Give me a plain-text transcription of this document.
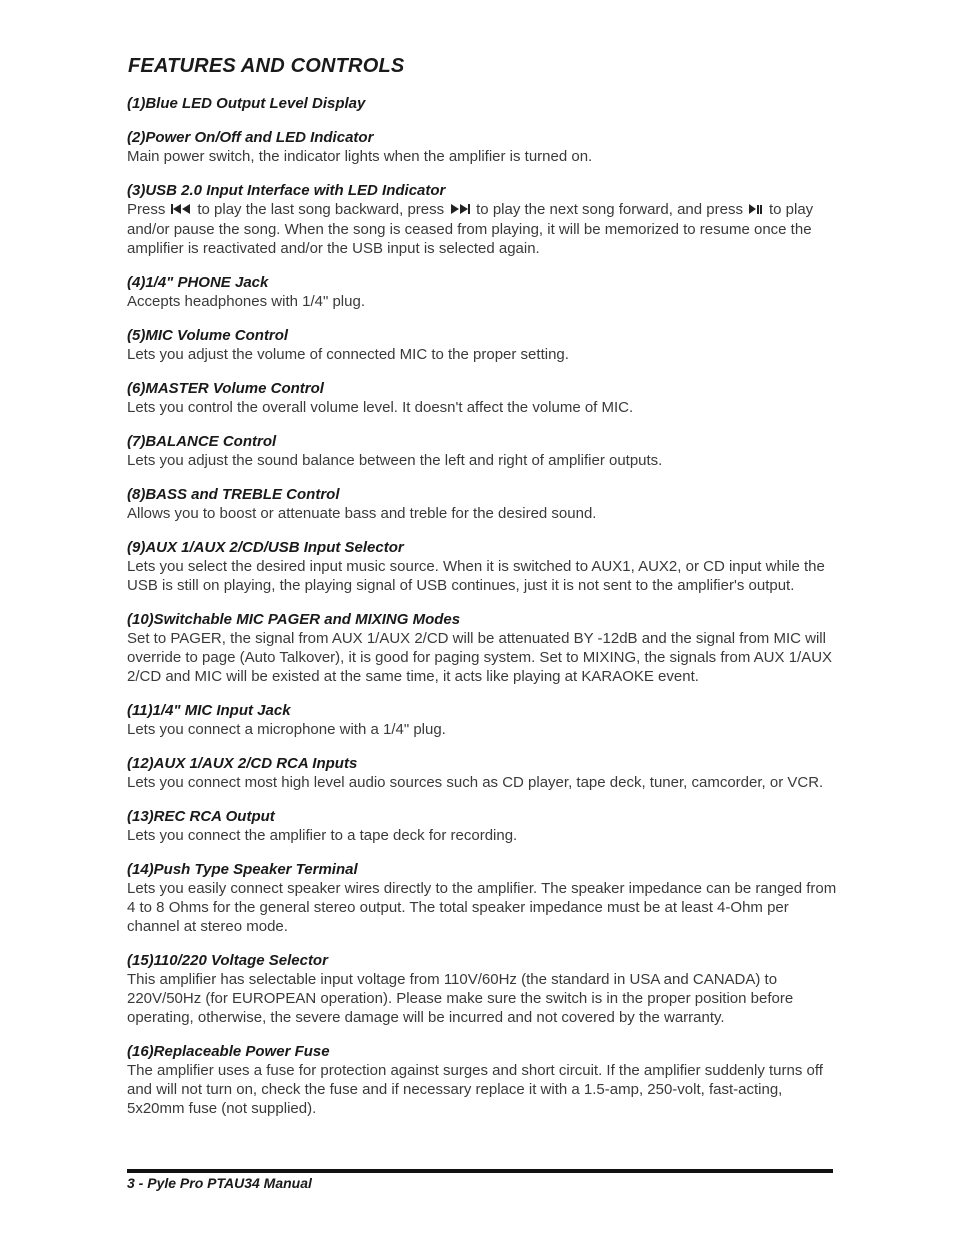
FEATURES AND CONTROLS

(1)Blue LED Output Level Display

(2)Power On/Off and LED Indicator

Main power switch, the indicator lights when the amplifier is turned on.

(3)USB 2.0 Input Interface with LED Indicator

Press to play the last song backward, press to play the next song forward, and press to play and/or pause the song. When the song is ceased from playing, it will be memorized to resume once the amplifier is reactivated and/or the USB input is selected again.

(4)1/4" PHONE Jack

Accepts headphones with 1/4" plug.

(5)MIC Volume Control

Lets you adjust the volume of connected MIC to the proper setting.

(6)MASTER Volume Control

Lets you control the overall volume level. It doesn't affect the volume of MIC.

(7)BALANCE Control

Lets you adjust the sound balance between the left and right of amplifier outputs.

(8)BASS and TREBLE Control

Allows you to boost or attenuate bass and treble for the desired sound.

(9)AUX 1/AUX 2/CD/USB Input Selector

Lets you select the desired input music source. When it is switched to AUX1, AUX2, or CD input while the USB is still on playing, the playing signal of USB continues, just it is not sent to the amplifier's output.

(10)Switchable MIC PAGER and MIXING Modes

Set to PAGER, the signal from AUX 1/AUX 2/CD will be attenuated BY -12dB and the signal from MIC will override to page (Auto Talkover), it is good for paging system. Set to MIXING, the signals from AUX 1/AUX 2/CD and MIC will be existed at the same time, it acts like playing at KARAOKE event.

(11)1/4" MIC Input Jack

Lets you connect a microphone with a 1/4" plug.

(12)AUX 1/AUX 2/CD RCA Inputs

Lets you connect most high level audio sources such as CD player, tape deck, tuner, camcorder, or VCR.

(13)REC RCA Output

Lets you connect the amplifier to a tape deck for recording.

(14)Push Type Speaker Terminal

Lets you easily connect speaker wires directly to the amplifier. The speaker impedance can be ranged from 4 to 8 Ohms for the general stereo output. The total speaker impedance must be at least 4-Ohm per channel at stereo mode.

(15)110/220 Voltage Selector

This amplifier has selectable input voltage from 110V/60Hz (the standard in USA and CANADA) to 220V/50Hz (for EUROPEAN operation). Please make sure the switch is in the proper position before operating, otherwise, the severe damage will be incurred and not covered by the warranty.

(16)Replaceable Power Fuse

The amplifier uses a fuse for protection against surges and short circuit. If the amplifier suddenly turns off and will not turn on, check the fuse and if necessary replace it with a 1.5-amp, 250-volt, fast-acting, 5x20mm fuse (not supplied).

3 - Pyle Pro PTAU34 Manual
